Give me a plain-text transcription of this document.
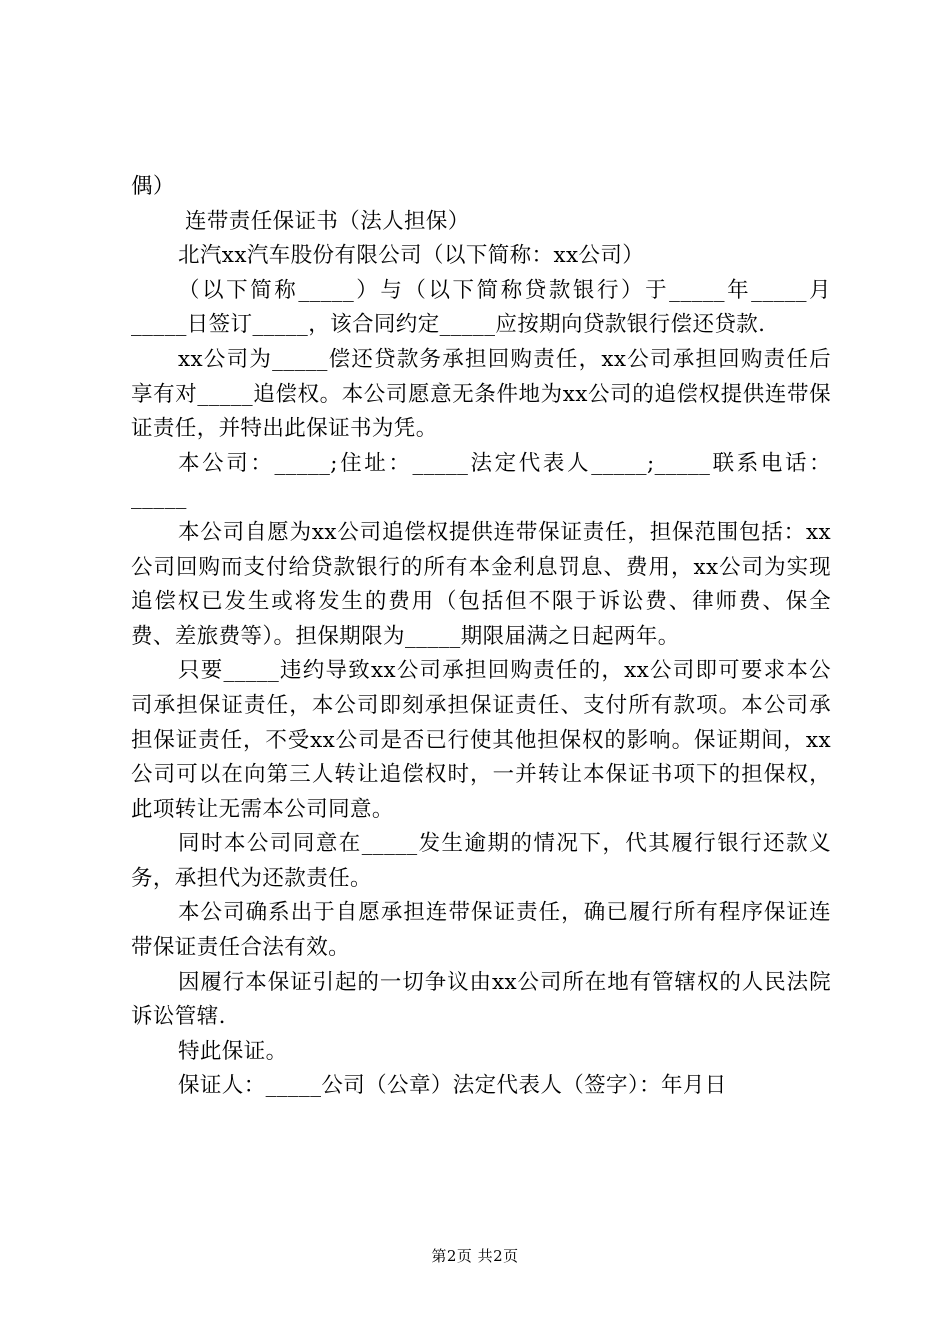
偶）

连带责任保证书（法人担保）

北汽xx汽车股份有限公司（以下简称：xx公司）

（以下简称_____）与（以下简称贷款银行）于_____年_____月_____日签订_____，该合同约定_____应按期向贷款银行偿还贷款.

xx公司为_____偿还贷款务承担回购责任，xx公司承担回购责任后享有对_____追偿权。本公司愿意无条件地为xx公司的追偿权提供连带保证责任，并特出此保证书为凭。

本公司：_____;住址：_____法定代表人_____;_____联系电话：_____

本公司自愿为xx公司追偿权提供连带保证责任，担保范围包括：xx公司回购而支付给贷款银行的所有本金利息罚息、费用，xx公司为实现追偿权已发生或将发生的费用（包括但不限于诉讼费、律师费、保全费、差旅费等）。担保期限为_____期限届满之日起两年。

只要_____违约导致xx公司承担回购责任的，xx公司即可要求本公司承担保证责任，本公司即刻承担保证责任、支付所有款项。本公司承担保证责任，不受xx公司是否已行使其他担保权的影响。保证期间，xx公司可以在向第三人转让追偿权时，一并转让本保证书项下的担保权，此项转让无需本公司同意。

同时本公司同意在_____发生逾期的情况下，代其履行银行还款义务，承担代为还款责任。

本公司确系出于自愿承担连带保证责任，确已履行所有程序保证连带保证责任合法有效。

因履行本保证引起的一切争议由xx公司所在地有管辖权的人民法院诉讼管辖.

特此保证。

保证人：_____公司（公章）法定代表人（签字）：年月日

第2页 共2页
